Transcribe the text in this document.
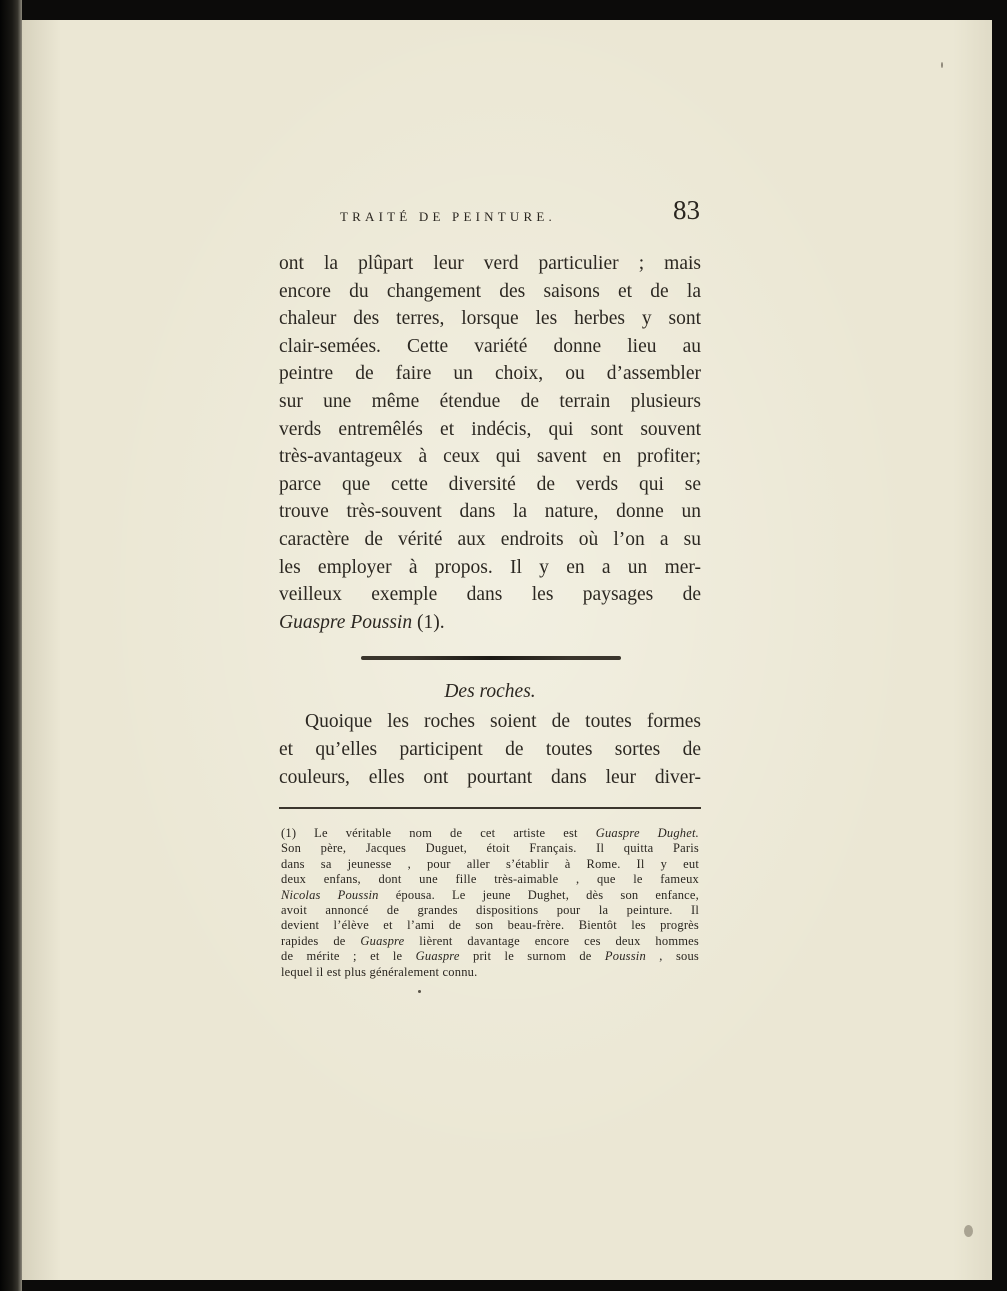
TRAITÉ DE PEINTURE.	83
ont la plûpart leur verd particulier ; mais
encore du changement des saisons et de la
chaleur des terres, lorsque les herbes y sont
clair-semées. Cette variété donne lieu au
peintre de faire un choix, ou d’assembler
sur une même étendue de terrain plusieurs
verds entremêlés et indécis, qui sont souvent
très-avantageux à ceux qui savent en profiter;
parce que cette diversité de verds qui se
trouve très-souvent dans la nature, donne un
caractère de vérité aux endroits où l’on a su
les employer à propos. Il y en a un mer-
veilleux exemple dans les paysages de
Guaspre Poussin (1).
Des roches.
Quoique les roches soient de toutes formes
et qu’elles participent de toutes sortes de
couleurs, elles ont pourtant dans leur diver-
(1) Le véritable nom de cet artiste est Guaspre Dughet.
Son père, Jacques Duguet, étoit Français. Il quitta Paris
dans sa jeunesse , pour aller s’établir à Rome. Il y eut
deux enfans, dont une fille très-aimable , que le fameux
Nicolas Poussin épousa. Le jeune Dughet, dès son enfance,
avoit annoncé de grandes dispositions pour la peinture. Il
devient l’élève et l’ami de son beau-frère. Bientôt les progrès
rapides de Guaspre lièrent davantage encore ces deux hommes
de mérite ; et le Guaspre prit le surnom de Poussin , sous
lequel il est plus généralement connu.
